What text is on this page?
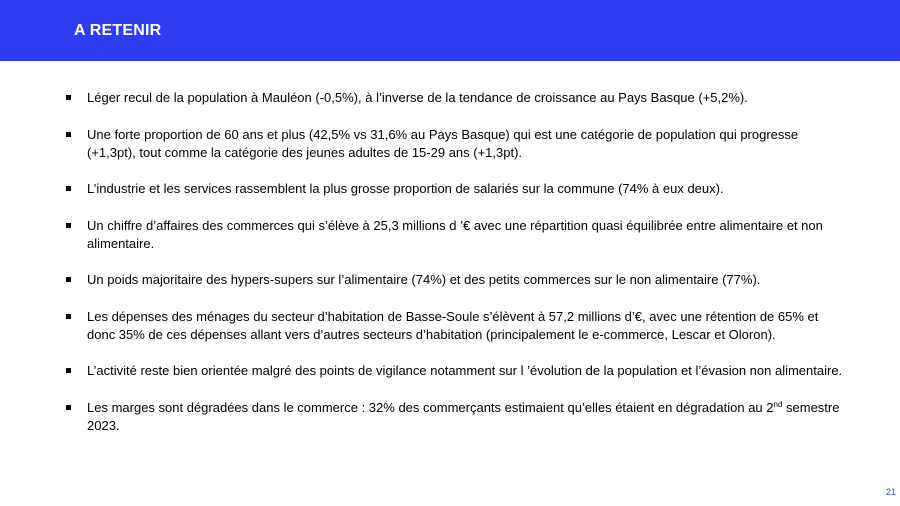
A RETENIR
Léger recul de la population à Mauléon (-0,5%), à l’inverse de la tendance de croissance au Pays Basque (+5,2%).
Une forte proportion de 60 ans et plus (42,5% vs 31,6% au Pays Basque) qui est une catégorie de population qui progresse (+1,3pt), tout comme la catégorie des jeunes adultes de 15-29 ans (+1,3pt).
L’industrie et les services rassemblent la plus grosse proportion de salariés sur la commune (74% à eux deux).
Un chiffre d’affaires des commerces qui s’élève à 25,3 millions d ’€ avec une répartition quasi équilibrée entre alimentaire et non alimentaire.
Un poids majoritaire des hypers-supers sur l’alimentaire (74%) et des petits commerces sur le non alimentaire (77%).
Les dépenses des ménages du secteur d’habitation de Basse-Soule s’élèvent à 57,2 millions d’€, avec une rétention de 65% et donc 35% de ces dépenses allant vers d’autres secteurs d’habitation (principalement le e-commerce, Lescar et Oloron).
L’activité reste bien orientée malgré des points de vigilance notamment sur l ’évolution de la population et l’évasion non alimentaire.
Les marges sont dégradées dans le commerce : 32% des commerçants estimaient qu’elles étaient en dégradation au 2nd semestre 2023.
21
